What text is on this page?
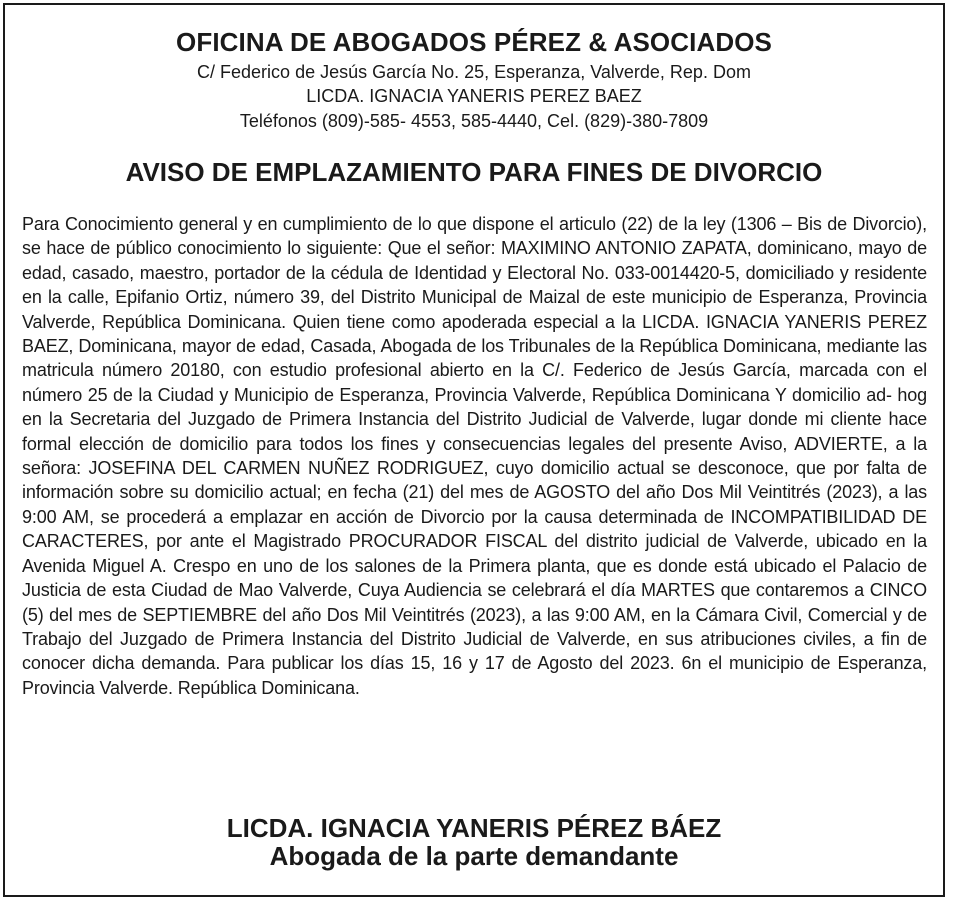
OFICINA DE ABOGADOS PÉREZ & ASOCIADOS
C/ Federico de Jesús García No. 25, Esperanza, Valverde, Rep. Dom
LICDA. IGNACIA YANERIS PEREZ BAEZ
Teléfonos (809)-585- 4553, 585-4440, Cel. (829)-380-7809
AVISO DE EMPLAZAMIENTO PARA FINES DE DIVORCIO

Para Conocimiento general y en cumplimiento de lo que dispone el articulo (22) de la ley (1306 – Bis de Divorcio), se hace de público conocimiento lo siguiente: Que el señor: MAXIMINO ANTONIO ZAPATA, dominicano, mayo de edad, casado, maestro, portador de la cédula de Identidad y Electoral No. 033-0014420-5, domiciliado y residente en la calle, Epifanio Ortiz, número 39, del Distrito Municipal de Maizal de este municipio de Esperanza, Provincia Valverde, República Dominicana. Quien tiene como apoderada especial a la LICDA. IGNACIA YANERIS PEREZ BAEZ, Dominicana, mayor de edad, Casada, Abogada de los Tribunales de la República Dominicana, mediante las matricula número 20180, con estudio profesional abierto en la C/. Federico de Jesús García, marcada con el número 25 de la Ciudad y Municipio de Esperanza, Provincia Valverde, República Dominicana Y domicilio ad- hog en la Secretaria del Juzgado de Primera Instancia del Distrito Judicial de Valverde, lugar donde mi cliente hace formal elección de domicilio para todos los fines y consecuencias legales del presente Aviso, ADVIERTE, a la señora: JOSEFINA DEL CARMEN NUÑEZ RODRIGUEZ, cuyo domicilio actual se desconoce, que por falta de información sobre su domicilio actual; en fecha (21) del mes de AGOSTO del año Dos Mil Veintitrés (2023), a las 9:00 AM, se procederá a emplazar en acción de Divorcio por la causa determinada de INCOMPATIBILIDAD DE CARACTERES, por ante el Magistrado PROCURADOR FISCAL del distrito judicial de Valverde, ubicado en la Avenida Miguel A. Crespo en uno de los salones de la Primera planta, que es donde está ubicado el Palacio de Justicia de esta Ciudad de Mao Valverde, Cuya Audiencia se celebrará el día MARTES que contaremos a CINCO (5) del mes de SEPTIEMBRE del año Dos Mil Veintitrés (2023), a las 9:00 AM, en la Cámara Civil, Comercial y de Trabajo del Juzgado de Primera Instancia del Distrito Judicial de Valverde, en sus atribuciones civiles, a fin de conocer dicha demanda. Para publicar los días 15, 16 y 17 de Agosto del 2023. 6n el municipio de Esperanza, Provincia Valverde. República Dominicana.

LICDA. IGNACIA YANERIS PÉREZ BÁEZ
Abogada de la parte demandante
